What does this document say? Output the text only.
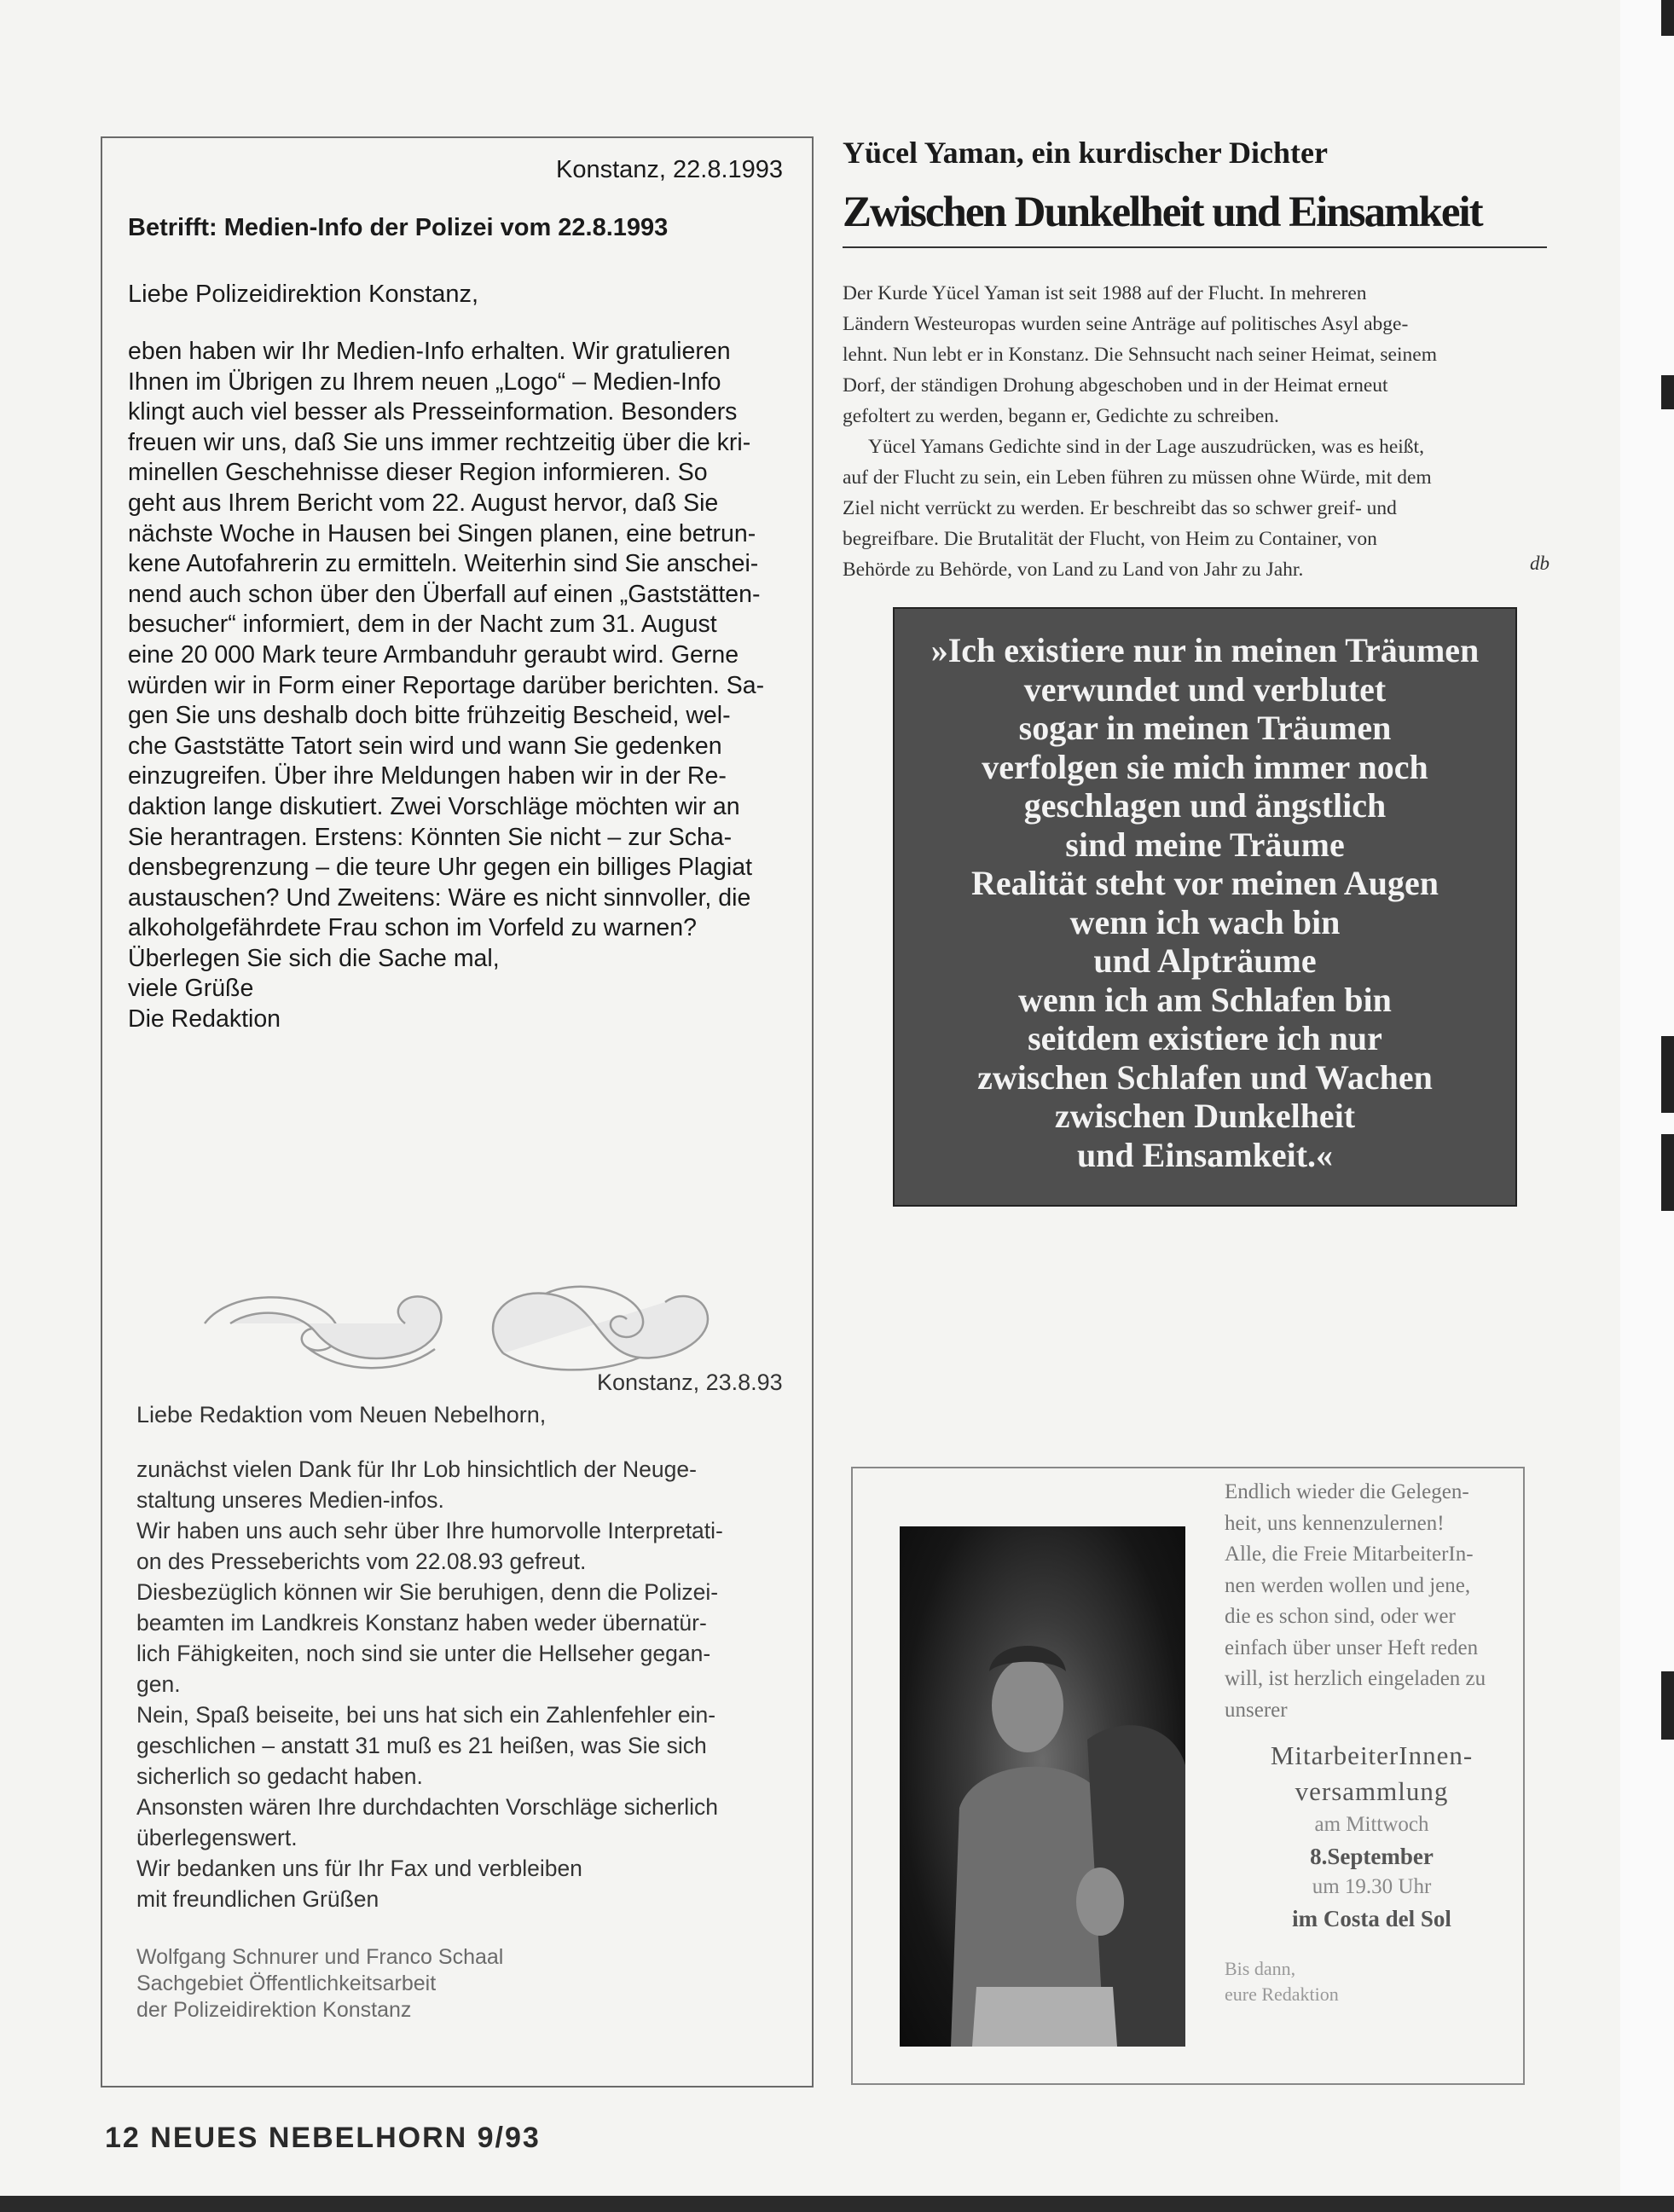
Konstanz, 22.8.1993
Betrifft: Medien-Info der Polizei vom 22.8.1993
Liebe Polizeidirektion Konstanz,
eben haben wir Ihr Medien-Info erhalten. Wir gratulieren
Ihnen im Übrigen zu Ihrem neuen „Logo“ – Medien-Info
klingt auch viel besser als Presseinformation. Besonders
freuen wir uns, daß Sie uns immer rechtzeitig über die kri-
minellen Geschehnisse dieser Region informieren. So
geht aus Ihrem Bericht vom 22. August hervor, daß Sie
nächste Woche in Hausen bei Singen planen, eine betrun-
kene Autofahrerin zu ermitteln. Weiterhin sind Sie anschei-
nend auch schon über den Überfall auf einen „Gaststätten-
besucher“ informiert, dem in der Nacht zum 31. August
eine 20 000 Mark teure Armbanduhr geraubt wird. Gerne
würden wir in Form einer Reportage darüber berichten. Sa-
gen Sie uns deshalb doch bitte frühzeitig Bescheid, wel-
che Gaststätte Tatort sein wird und wann Sie gedenken
einzugreifen. Über ihre Meldungen haben wir in der Re-
daktion lange diskutiert. Zwei Vorschläge möchten wir an
Sie herantragen. Erstens: Könnten Sie nicht – zur Scha-
densbegrenzung – die teure Uhr gegen ein billiges Plagiat
austauschen? Und Zweitens: Wäre es nicht sinnvoller, die
alkoholgefährdete Frau schon im Vorfeld zu warnen?
Überlegen Sie sich die Sache mal,
viele Grüße
Die Redaktion
Konstanz, 23.8.93
Liebe Redaktion vom Neuen Nebelhorn,
zunächst vielen Dank für Ihr Lob hinsichtlich der Neuge-
staltung unseres Medien-infos.
Wir haben uns auch sehr über Ihre humorvolle Interpretati-
on des Presseberichts vom 22.08.93 gefreut.
Diesbezüglich können wir Sie beruhigen, denn die Polizei-
beamten im Landkreis Konstanz haben weder übernatür-
lich Fähigkeiten, noch sind sie unter die Hellseher gegan-
gen.
Nein, Spaß beiseite, bei uns hat sich ein Zahlenfehler ein-
geschlichen – anstatt 31 muß es 21 heißen, was Sie sich
sicherlich so gedacht haben.
Ansonsten wären Ihre durchdachten Vorschläge sicherlich
überlegenswert.
Wir bedanken uns für Ihr Fax und verbleiben
mit freundlichen Grüßen
Wolfgang Schnurer und Franco Schaal
Sachgebiet Öffentlichkeitsarbeit
der Polizeidirektion Konstanz
Yücel Yaman, ein kurdischer Dichter
Zwischen Dunkelheit und Einsamkeit
Der Kurde Yücel Yaman ist seit 1988 auf der Flucht. In mehreren
Ländern Westeuropas wurden seine Anträge auf politisches Asyl abge-
lehnt. Nun lebt er in Konstanz. Die Sehnsucht nach seiner Heimat, seinem
Dorf, der ständigen Drohung abgeschoben und in der Heimat erneut
gefoltert zu werden, begann er, Gedichte zu schreiben.
Yücel Yamans Gedichte sind in der Lage auszudrücken, was es heißt,
auf der Flucht zu sein, ein Leben führen zu müssen ohne Würde, mit dem
Ziel nicht verrückt zu werden. Er beschreibt das so schwer greif- und
begreifbare. Die Brutalität der Flucht, von Heim zu Container, von
Behörde zu Behörde, von Land zu Land von Jahr zu Jahr.	db
»Ich existiere nur in meinen Träumen
verwundet und verblutet
sogar in meinen Träumen
verfolgen sie mich immer noch
geschlagen und ängstlich
sind meine Träume
Realität steht vor meinen Augen
wenn ich wach bin
und Alpträume
wenn ich am Schlafen bin
seitdem existiere ich nur
zwischen Schlafen und Wachen
zwischen Dunkelheit
und Einsamkeit.«
Endlich wieder die Gelegen-
heit, uns kennenzulernen!
Alle, die Freie MitarbeiterIn-
nen werden wollen und jene,
die es schon sind, oder wer
einfach über unser Heft reden
will, ist herzlich eingeladen zu
unserer
MitarbeiterInnen-
versammlung
am Mittwoch
8.September
um 19.30 Uhr
im Costa del Sol
Bis dann,
eure Redaktion
12 NEUES NEBELHORN 9/93
